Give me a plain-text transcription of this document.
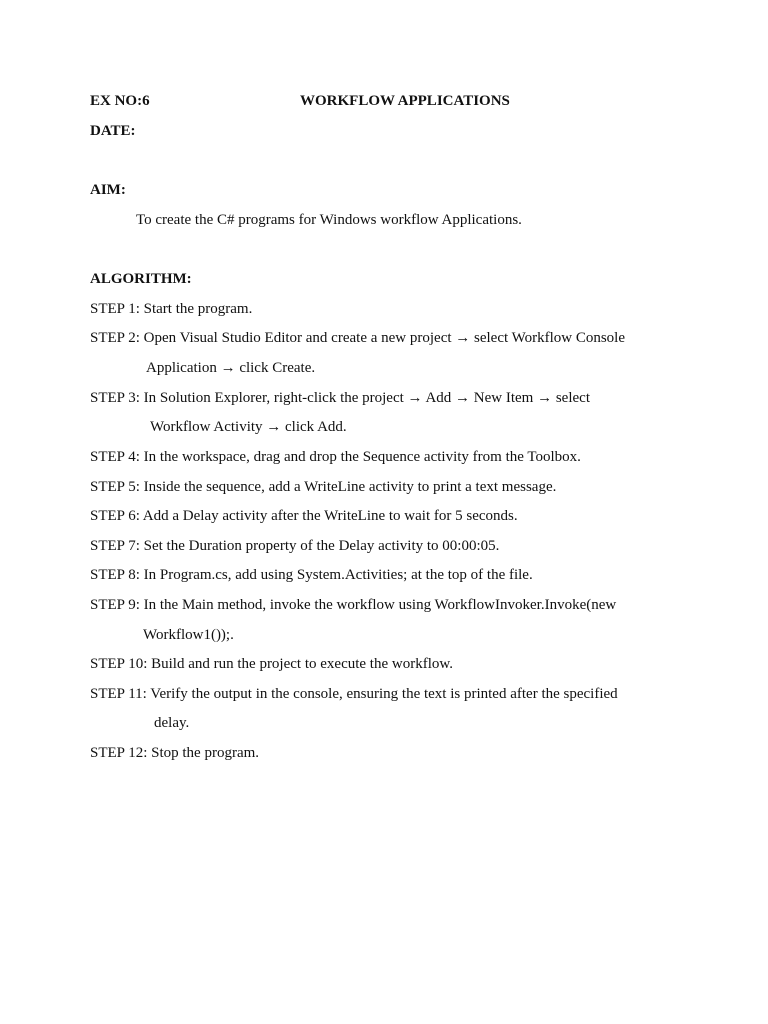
EX NO:6	WORKFLOW APPLICATIONS
DATE:
AIM:
To create the C# programs for Windows workflow Applications.
ALGORITHM:
STEP 1: Start the program.
STEP 2: Open Visual Studio Editor and create a new project → select Workflow Console
Application → click Create.
STEP 3: In Solution Explorer, right-click the project → Add → New Item → select
Workflow Activity → click Add.
STEP 4: In the workspace, drag and drop the Sequence activity from the Toolbox.
STEP 5: Inside the sequence, add a WriteLine activity to print a text message.
STEP 6: Add a Delay activity after the WriteLine to wait for 5 seconds.
STEP 7: Set the Duration property of the Delay activity to 00:00:05.
STEP 8: In Program.cs, add using System.Activities; at the top of the file.
STEP 9: In the Main method, invoke the workflow using WorkflowInvoker.Invoke(new
Workflow1());.
STEP 10: Build and run the project to execute the workflow.
STEP 11: Verify the output in the console, ensuring the text is printed after the specified
delay.
STEP 12: Stop the program.
